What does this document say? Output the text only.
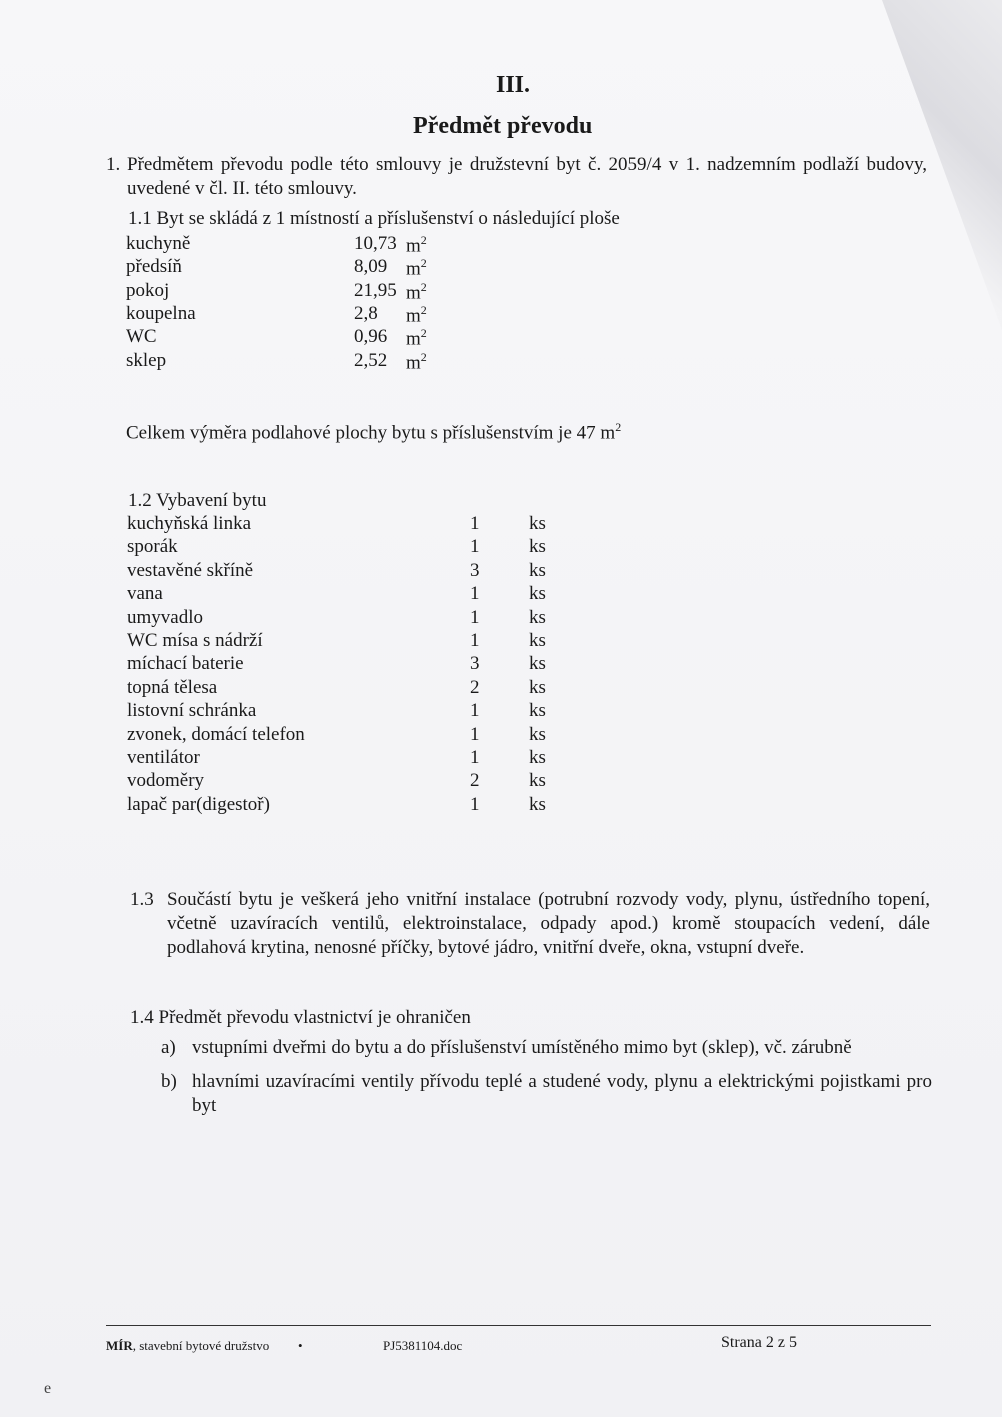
III.
Předmět převodu
1. Předmětem převodu podle této smlouvy je družstevní byt č. 2059/4 v 1. nadzemním podlaží budovy, uvedené v čl. II. této smlouvy.
1.1 Byt se skládá z 1 místností a příslušenství o následující ploše
kuchyně	10,73 $m^2$
předsíň	8,09 $m^2$
pokoj	21,95 $m^2$
koupelna	2,8 $m^2$
WC	0,96 $m^2$
sklep	2,52 $m^2$
Celkem výměra podlahové plochy bytu s příslušenstvím je 47 $m^2$
1.2 Vybavení bytu
kuchyňská linka	1	ks
sporák	1	ks
vestavěné skříně	3	ks
vana	1	ks
umyvadlo	1	ks
WC mísa s nádrží	1	ks
míchací baterie	3	ks
topná tělesa	2	ks
listovní schránka	1	ks
zvonek, domácí telefon	1	ks
ventilátor	1	ks
vodoměry	2	ks
lapač par(digestoř)	1	ks
1.3 Součástí bytu je veškerá jeho vnitřní instalace (potrubní rozvody vody, plynu, ústředního topení, včetně uzavíracích ventilů, elektroinstalace, odpady apod.) kromě stoupacích vedení, dále podlahová krytina, nenosné příčky, bytové jádro, vnitřní dveře, okna, vstupní dveře.
1.4 Předmět převodu vlastnictví je ohraničen
a) vstupními dveřmi do bytu a do příslušenství umístěného mimo byt (sklep), vč. zárubně
b) hlavními uzavíracími ventily přívodu teplé a studené vody, plynu a elektrickými pojistkami pro byt
MÍR, stavební bytové družstvo •	PJ5381104.doc	Strana 2 z 5
e
